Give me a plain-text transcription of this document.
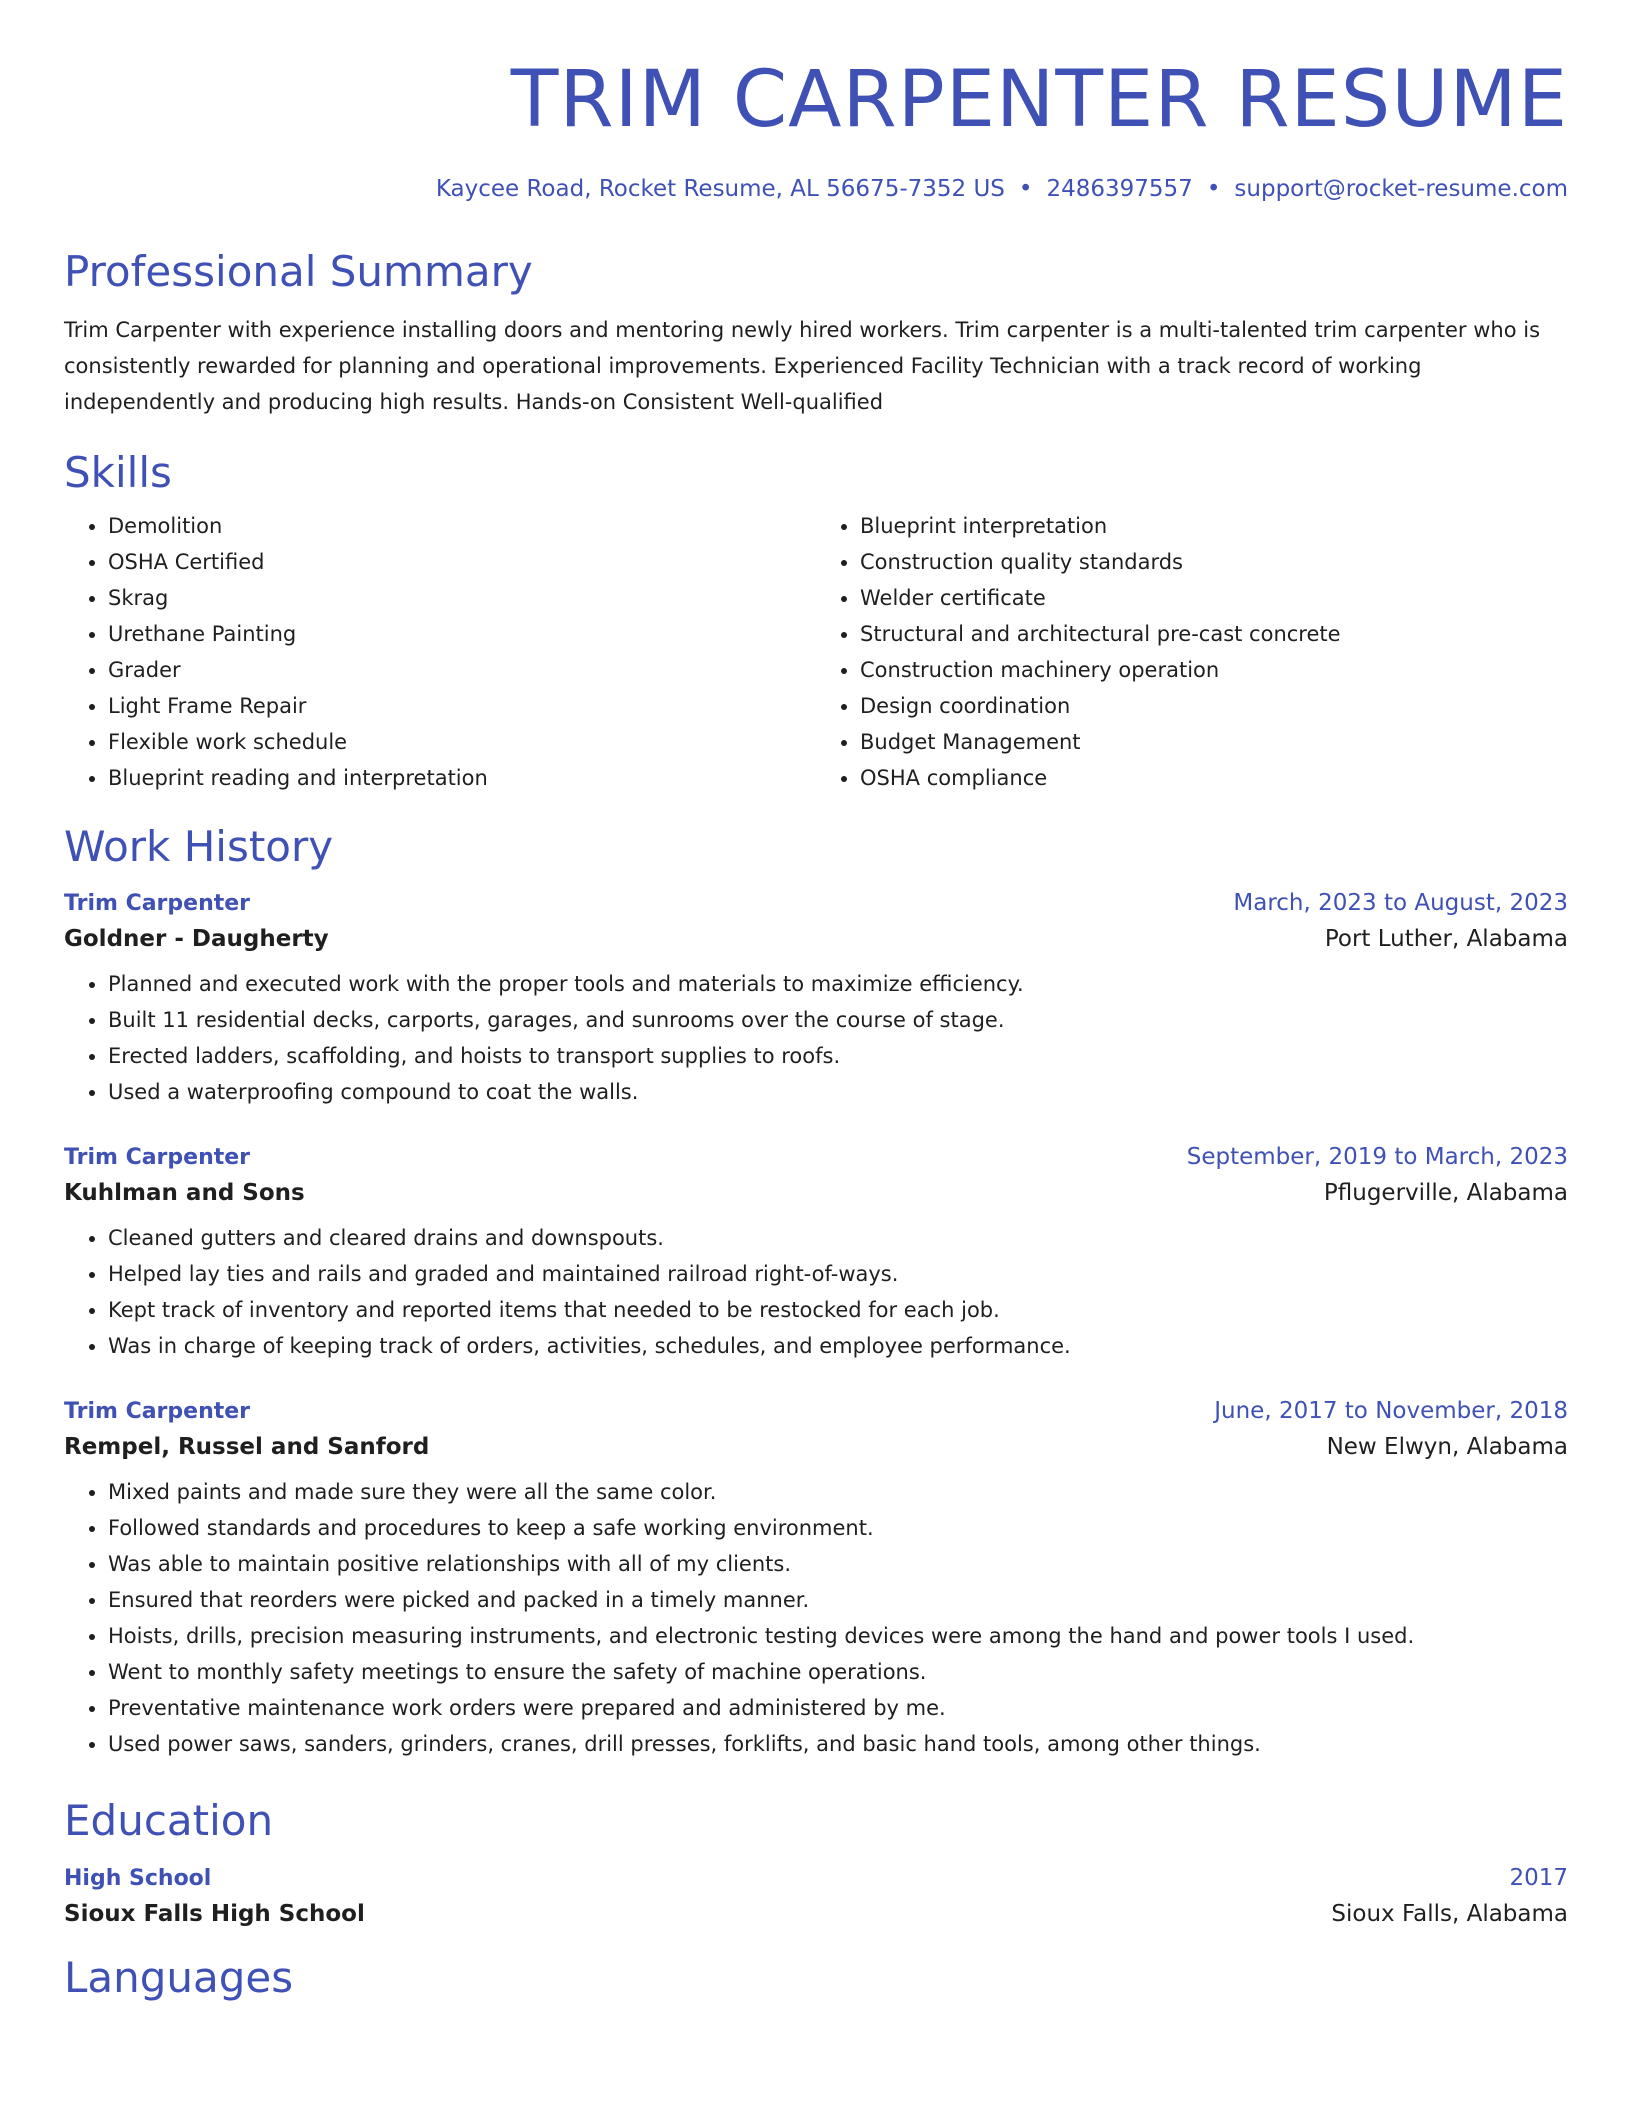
TRIM CARPENTER RESUME
Kaycee Road, Rocket Resume, AL 56675-7352 US • 2486397557 • support@rocket-resume.com
Professional Summary
Trim Carpenter with experience installing doors and mentoring newly hired workers. Trim carpenter is a multi-talented trim carpenter who is consistently rewarded for planning and operational improvements. Experienced Facility Technician with a track record of working independently and producing high results. Hands-on Consistent Well-qualified
Skills
• Demolition
• OSHA Certified
• Skrag
• Urethane Painting
• Grader
• Light Frame Repair
• Flexible work schedule
• Blueprint reading and interpretation
• Blueprint interpretation
• Construction quality standards
• Welder certificate
• Structural and architectural pre-cast concrete
• Construction machinery operation
• Design coordination
• Budget Management
• OSHA compliance
Work History
Trim Carpenter	March, 2023 to August, 2023
Goldner - Daugherty	Port Luther, Alabama
• Planned and executed work with the proper tools and materials to maximize efficiency.
• Built 11 residential decks, carports, garages, and sunrooms over the course of stage.
• Erected ladders, scaffolding, and hoists to transport supplies to roofs.
• Used a waterproofing compound to coat the walls.
Trim Carpenter	September, 2019 to March, 2023
Kuhlman and Sons	Pflugerville, Alabama
• Cleaned gutters and cleared drains and downspouts.
• Helped lay ties and rails and graded and maintained railroad right-of-ways.
• Kept track of inventory and reported items that needed to be restocked for each job.
• Was in charge of keeping track of orders, activities, schedules, and employee performance.
Trim Carpenter	June, 2017 to November, 2018
Rempel, Russel and Sanford	New Elwyn, Alabama
• Mixed paints and made sure they were all the same color.
• Followed standards and procedures to keep a safe working environment.
• Was able to maintain positive relationships with all of my clients.
• Ensured that reorders were picked and packed in a timely manner.
• Hoists, drills, precision measuring instruments, and electronic testing devices were among the hand and power tools I used.
• Went to monthly safety meetings to ensure the safety of machine operations.
• Preventative maintenance work orders were prepared and administered by me.
• Used power saws, sanders, grinders, cranes, drill presses, forklifts, and basic hand tools, among other things.
Education
High School	2017
Sioux Falls High School	Sioux Falls, Alabama
Languages
